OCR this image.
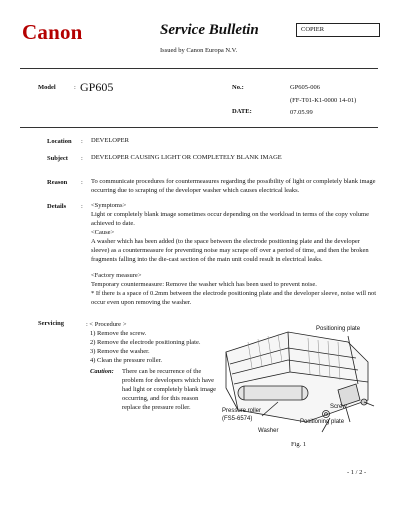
Canon	Service Bulletin	COPIER
Issued by Canon Europa N.V.
Model	: GP605	No.:	GP605-006
(FF-T01-K1-0000 14-01)
DATE:	07.05.99
Location : DEVELOPER
Subject : DEVELOPER CAUSING LIGHT OR COMPLETELY BLANK IMAGE
Reason : To communicate procedures for countermeasures regarding the possibility of light or completely blank image occurring due to scraping of the developer washer which causes electrical leaks.
Details : <Symptoms>
Light or completely blank image sometimes occur depending on the workload in terms of the copy volume achieved to date.
<Cause>
A washer which has been added (to the space between the electrode positioning plate and the developer sleeve) as a countermeasure for preventing noise may scrape off over a period of time, and then the broken fragments falling into the die-cast section of the main unit could result in electrical leaks.
<Factory measure>
Temporary countermeasure: Remove the washer which has been used to prevent noise.
* If there is a space of 0.2mm between the electrode positioning plate and the developer sleeve, noise will not occur even upon removing the washer.
Servicing	: < Procedure >
1) Remove the screw.
2) Remove the electrode positioning plate.
3) Remove the washer.
4) Clean the pressure roller.
Caution: There can be recurrence of the problem for developers which have had light or completely blank image occurring, and for this reason replace the pressure roller.
Positioning plate
Screw
Pressure roller
(FS5-6574)	Positioning plate
Washer
Fig. 1
- 1 / 2 -
